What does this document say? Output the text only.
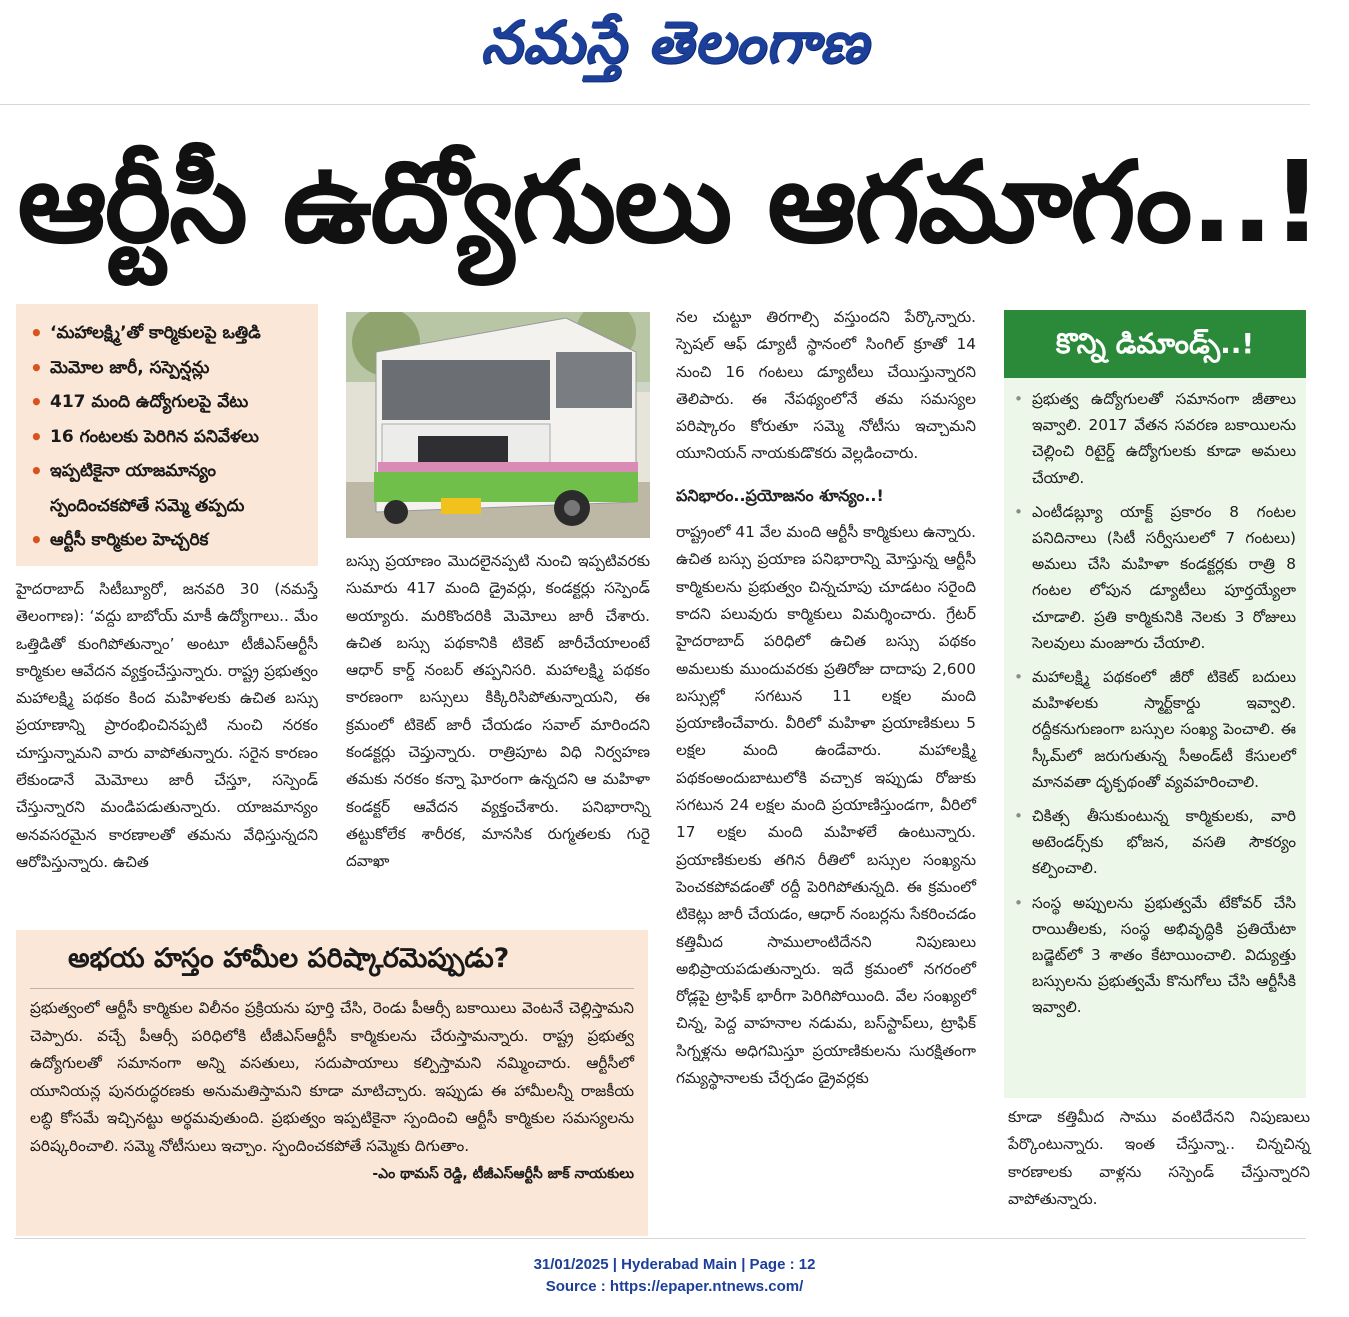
నమస్తే తెలంగాణ
ఆర్టీసీ ఉద్యోగులు ఆగమాగం..!
• ‘మహాలక్ష్మి’తో కార్మికులపై ఒత్తిడి
• మెమోల జారీ, సస్పెన్షన్లు
• 417 మంది ఉద్యోగులపై వేటు
• 16 గంటలకు పెరిగిన పనివేళలు
• ఇప్పటికైనా యాజమాన్యం
స్పందించకపోతే సమ్మె తప్పదు
• ఆర్టీసీ కార్మికుల హెచ్చరిక

హైదరాబాద్ సిటీబ్యూరో, జనవరి 30 (నమస్తే తెలంగాణ): ‘వద్దు బాబోయ్ మాకీ ఉద్యోగాలు.. మేం ఒత్తిడితో కుంగిపోతున్నాం’ అంటూ టీజీఎస్ఆర్టీసీ కార్మికుల ఆవేదన వ్యక్తంచేస్తున్నారు. రాష్ట్ర ప్రభుత్వం మహాలక్ష్మి పథకం కింద మహిళలకు ఉచిత బస్సు ప్రయాణాన్ని ప్రారంభించినప్పటి నుంచి నరకం చూస్తున్నామని వారు వాపోతున్నారు. సరైన కారణం లేకుండానే మెమోలు జారీ చేస్తూ, సస్పెండ్ చేస్తున్నారని మండిపడుతున్నారు. యాజమాన్యం అనవసరమైన కారణాలతో తమను వేధిస్తున్నదని ఆరోపిస్తున్నారు. ఉచిత

బస్సు ప్రయాణం మొదలైనప్పటి నుంచి ఇప్పటివరకు సుమారు 417 మంది డ్రైవర్లు, కండక్టర్లు సస్పెండ్ అయ్యారు. మరికొందరికి మెమోలు జారీ చేశారు. ఉచిత బస్సు పథకానికి టికెట్ జారీచేయాలంటే ఆధార్ కార్డ్ నంబర్ తప్పనిసరి. మహాలక్ష్మి పథకం కారణంగా బస్సులు కిక్కిరిసిపోతున్నాయని, ఈ క్రమంలో టికెట్ జారీ చేయడం సవాల్ మారిందని కండక్టర్లు చెప్తున్నారు. రాత్రిపూట విధి నిర్వహణ తమకు నరకం కన్నా ఘోరంగా ఉన్నదని ఆ మహిళా కండక్టర్ ఆవేదన వ్యక్తంచేశారు. పనిభారాన్ని తట్టుకోలేక శారీరక, మానసిక రుగ్మతలకు గురై దవాఖా

నల చుట్టూ తిరగాల్సి వస్తుందని పేర్కొన్నారు. స్పెషల్ ఆఫ్ డ్యూటీ స్థానంలో సింగిల్ క్రూతో 14 నుంచి 16 గంటలు డ్యూటీలు చేయిస్తున్నారని తెలిపారు. ఈ నేపథ్యంలోనే తమ సమస్యల పరిష్కారం కోరుతూ సమ్మె నోటీసు ఇచ్చామని యూనియన్ నాయకుడొకరు వెల్లడించారు.

పనిభారం..ప్రయోజనం శూన్యం..!

రాష్ట్రంలో 41 వేల మంది ఆర్టీసీ కార్మికులు ఉన్నారు. ఉచిత బస్సు ప్రయాణ పనిభారాన్ని మోస్తున్న ఆర్టీసీ కార్మికులను ప్రభుత్వం చిన్నచూపు చూడటం సరైంది కాదని పలువురు కార్మికులు విమర్శించారు. గ్రేటర్ హైదరాబాద్ పరిధిలో ఉచిత బస్సు పథకం అమలుకు ముందువరకు ప్రతిరోజు దాదాపు 2,600 బస్సుల్లో సగటున 11 లక్షల మంది ప్రయాణించేవారు. వీరిలో మహిళా ప్రయాణికులు 5 లక్షల మంది ఉండేవారు. మహాలక్ష్మి పథకంఅందుబాటులోకి వచ్చాక ఇప్పుడు రోజుకు సగటున 24 లక్షల మంది ప్రయాణిస్తుండగా, వీరిలో 17 లక్షల మంది మహిళలే ఉంటున్నారు. ప్రయాణికులకు తగిన రీతిలో బస్సుల సంఖ్యను పెంచకపోవడంతో రద్దీ పెరిగిపోతున్నది. ఈ క్రమంలో టికెట్లు జారీ చేయడం, ఆధార్ నంబర్లను సేకరించడం కత్తిమీద సాములాంటిదేనని నిపుణులు అభిప్రాయపడుతున్నారు. ఇదే క్రమంలో నగరంలో రోడ్లపై ట్రాఫిక్ భారీగా పెరిగిపోయింది. వేల సంఖ్యలో చిన్న, పెద్ద వాహనాల నడుమ, బస్‌స్టాప్‌లు, ట్రాఫిక్ సిగ్నళ్లను అధిగమిస్తూ ప్రయాణికులను సురక్షితంగా గమ్యస్థానాలకు చేర్చడం డ్రైవర్లకు

కొన్ని డిమాండ్స్..!
• ప్రభుత్వ ఉద్యోగులతో సమానంగా జీతాలు ఇవ్వాలి. 2017 వేతన సవరణ బకాయిలను చెల్లించి రిటైర్డ్ ఉద్యోగులకు కూడా అమలు చేయాలి.
• ఎంటీడబ్ల్యూ యాక్ట్ ప్రకారం 8 గంటల పనిదినాలు (సిటీ సర్వీసులలో 7 గంటలు) అమలు చేసి మహిళా కండక్టర్లకు రాత్రి 8 గంటల లోపున డ్యూటీలు పూర్తయ్యేలా చూడాలి. ప్రతి కార్మికునికి నెలకు 3 రోజులు సెలవులు మంజూరు చేయాలి.
• మహాలక్ష్మి పథకంలో జీరో టికెట్ బదులు మహిళలకు స్మార్ట్‌కార్డు ఇవ్వాలి. రద్దీకనుగుణంగా బస్సుల సంఖ్య పెంచాలి. ఈ స్కీమ్‌లో జరుగుతున్న సీఅండ్‌టీ కేసులలో మానవతా దృక్పథంతో వ్యవహరించాలి.
• చికిత్స తీసుకుంటున్న కార్మికులకు, వారి అటెండర్స్‌కు భోజన, వసతి సౌకర్యం కల్పించాలి.
• సంస్థ అప్పులను ప్రభుత్వమే టేకోవర్ చేసి రాయితీలకు, సంస్థ అభివృద్ధికి ప్రతియేటా బడ్జెట్‌లో 3 శాతం కేటాయించాలి. విద్యుత్తు బస్సులను ప్రభుత్వమే కొనుగోలు చేసి ఆర్టీసీకి ఇవ్వాలి.

కూడా కత్తిమీద సాము వంటిదేనని నిపుణులు పేర్కొంటున్నారు. ఇంత చేస్తున్నా.. చిన్నచిన్న కారణాలకు వాళ్లను సస్పెండ్ చేస్తున్నారని వాపోతున్నారు.

అభయ హస్తం హామీల పరిష్కారమెప్పుడు?
ప్రభుత్వంలో ఆర్టీసీ కార్మికుల విలీనం ప్రక్రియను పూర్తి చేసి, రెండు పీఆర్సీ బకాయిలు వెంటనే చెల్లిస్తామని చెప్పారు. వచ్చే పీఆర్సీ పరిధిలోకి టీజీఎస్ఆర్టీసీ కార్మికులను చేరుస్తామన్నారు. రాష్ట్ర ప్రభుత్వ ఉద్యోగులతో సమానంగా అన్ని వసతులు, సదుపాయాలు కల్పిస్తామని నమ్మించారు. ఆర్టీసీలో యూనియన్ల పునరుద్ధరణకు అనుమతిస్తామని కూడా మాటిచ్చారు. ఇప్పుడు ఈ హామీలన్నీ రాజకీయ లబ్ధి కోసమే ఇచ్చినట్టు అర్థమవుతుంది. ప్రభుత్వం ఇప్పటికైనా స్పందించి ఆర్టీసీ కార్మికుల సమస్యలను పరిష్కరించాలి. సమ్మె నోటీసులు ఇచ్చాం. స్పందించకపోతే సమ్మెకు దిగుతాం.
-ఎం థామస్ రెడ్డి, టీజీఎస్ఆర్టీసీ జాక్ నాయకులు
31/01/2025 | Hyderabad Main | Page : 12
Source : https://epaper.ntnews.com/
